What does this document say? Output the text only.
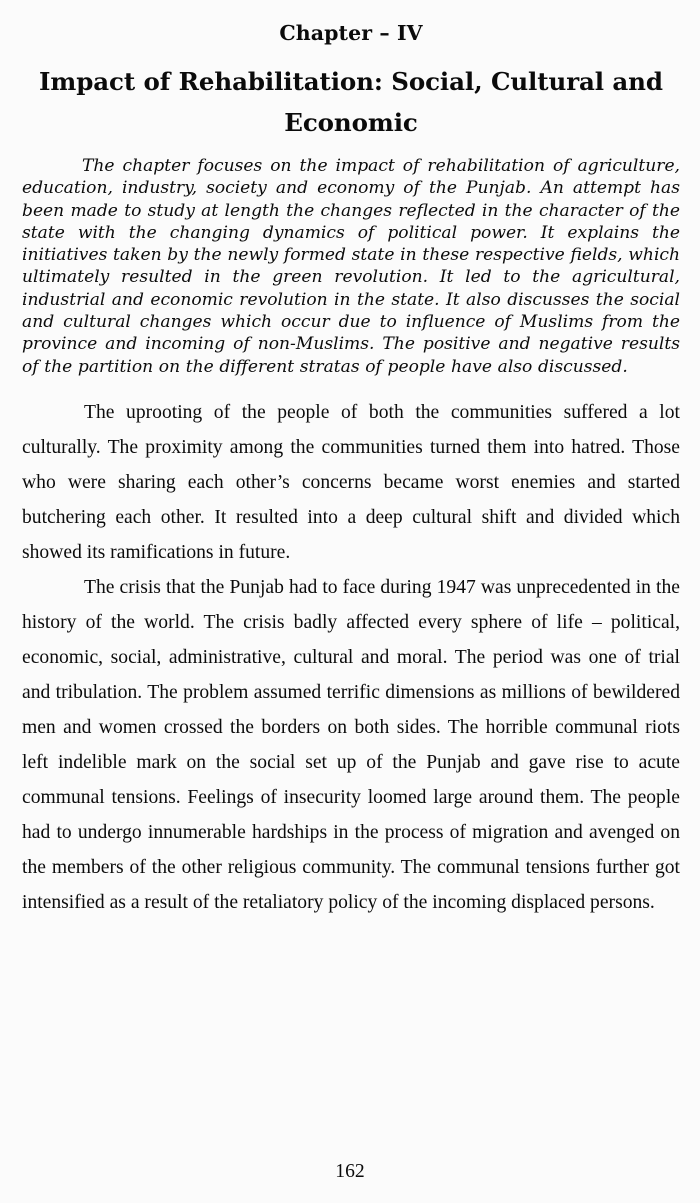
Chapter – IV
Impact of Rehabilitation: Social, Cultural and Economic

The chapter focuses on the impact of rehabilitation of agriculture, education, industry, society and economy of the Punjab. An attempt has been made to study at length the changes reflected in the character of the state with the changing dynamics of political power. It explains the initiatives taken by the newly formed state in these respective fields, which ultimately resulted in the green revolution. It led to the agricultural, industrial and economic revolution in the state. It also discusses the social and cultural changes which occur due to influence of Muslims from the province and incoming of non-Muslims. The positive and negative results of the partition on the different stratas of people have also discussed.

The uprooting of the people of both the communities suffered a lot culturally. The proximity among the communities turned them into hatred. Those who were sharing each other’s concerns became worst enemies and started butchering each other. It resulted into a deep cultural shift and divided which showed its ramifications in future.

The crisis that the Punjab had to face during 1947 was unprecedented in the history of the world. The crisis badly affected every sphere of life – political, economic, social, administrative, cultural and moral. The period was one of trial and tribulation. The problem assumed terrific dimensions as millions of bewildered men and women crossed the borders on both sides. The horrible communal riots left indelible mark on the social set up of the Punjab and gave rise to acute communal tensions. Feelings of insecurity loomed large around them. The people had to undergo innumerable hardships in the process of migration and avenged on the members of the other religious community. The communal tensions further got intensified as a result of the retaliatory policy of the incoming displaced persons.

162
